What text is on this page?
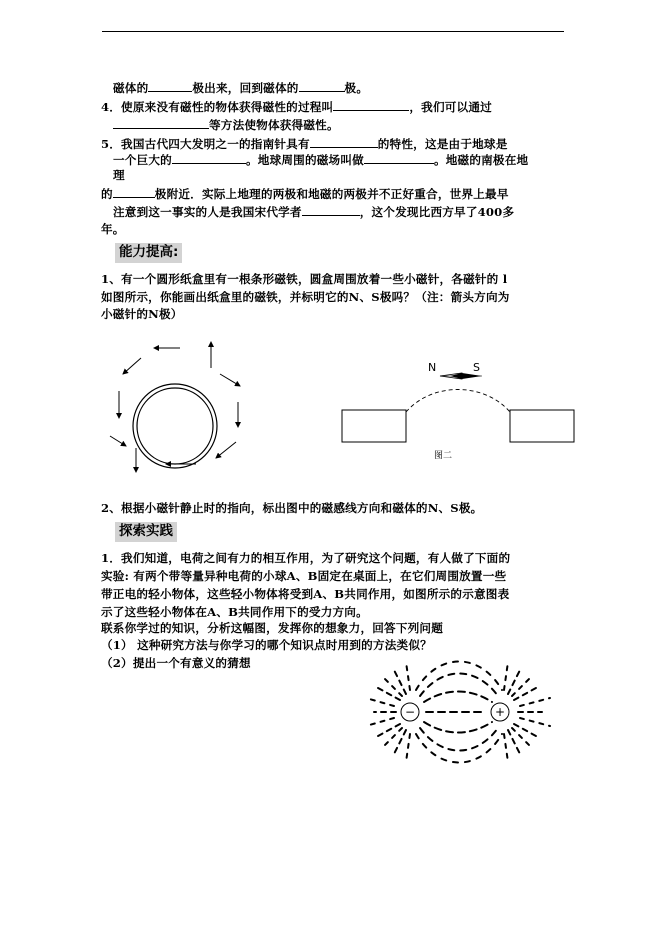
磁体的	极出来，回到磁体的	极。
4．使原来没有磁性的物体获得磁性的过程叫	，我们可以通过
等方法使物体获得磁性。
5．我国古代四大发明之一的指南针具有	的特性，这是由于地球是
一个巨大的	。地球周围的磁场叫做	。地磁的南极在地
理
的	极附近．实际上地理的两极和地磁的两极并不正好重合，世界上最早
注意到这一事实的人是我国宋代学者	，这个发现比西方早了400多
年。
能力提高:
1、有一个圆形纸盒里有一根条形磁铁，圆盒周围放着一些小磁针，各磁针的 l
如图所示，你能画出纸盒里的磁铁，并标明它的N、S极吗？（注：箭头方向为
小磁针的N极）
N	S
图二
2、根据小磁针静止时的指向，标出图中的磁感线方向和磁体的N、S极。
探索实践
1．我们知道，电荷之间有力的相互作用，为了研究这个问题，有人做了下面的
实验: 有两个带等量异种电荷的小球A、B固定在桌面上，在它们周围放置一些
带正电的轻小物体，这些轻小物体将受到A、B共同作用，如图所示的示意图表
示了这些轻小物体在A、B共同作用下的受力方向。
联系你学过的知识，分析这幅图，发挥你的想象力，回答下列问题
（1） 这种研究方法与你学习的哪个知识点时用到的方法类似？
（2）提出一个有意义的猜想
−	+
